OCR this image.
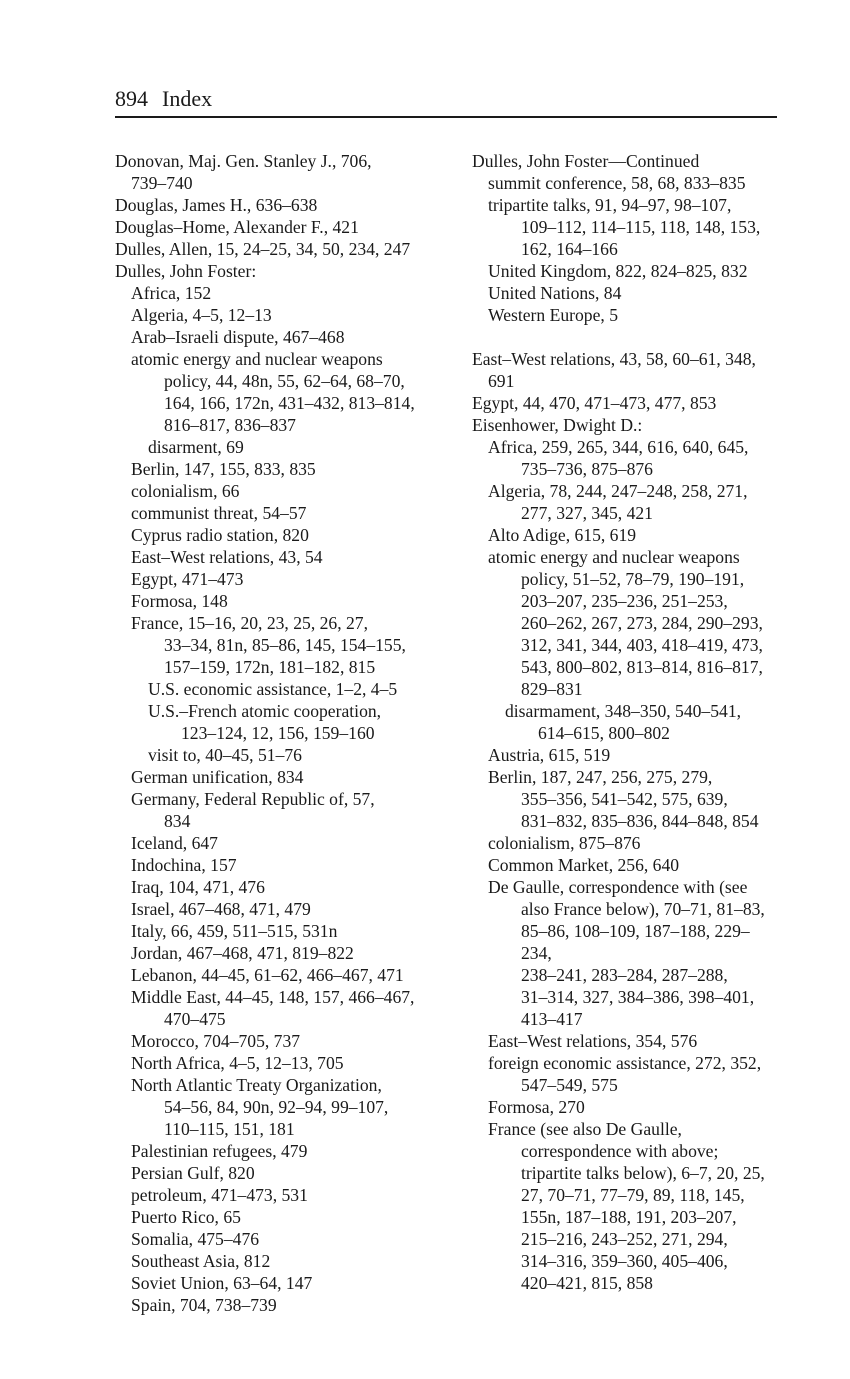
894 Index
Donovan, Maj. Gen. Stanley J., 706,
739–740
Douglas, James H., 636–638
Douglas–Home, Alexander F., 421
Dulles, Allen, 15, 24–25, 34, 50, 234, 247
Dulles, John Foster:
Africa, 152
Algeria, 4–5, 12–13
Arab–Israeli dispute, 467–468
atomic energy and nuclear weapons
policy, 44, 48n, 55, 62–64, 68–70,
164, 166, 172n, 431–432, 813–814,
816–817, 836–837
disarment, 69
Berlin, 147, 155, 833, 835
colonialism, 66
communist threat, 54–57
Cyprus radio station, 820
East–West relations, 43, 54
Egypt, 471–473
Formosa, 148
France, 15–16, 20, 23, 25, 26, 27,
33–34, 81n, 85–86, 145, 154–155,
157–159, 172n, 181–182, 815
U.S. economic assistance, 1–2, 4–5
U.S.–French atomic cooperation,
123–124, 12, 156, 159–160
visit to, 40–45, 51–76
German unification, 834
Germany, Federal Republic of, 57,
834
Iceland, 647
Indochina, 157
Iraq, 104, 471, 476
Israel, 467–468, 471, 479
Italy, 66, 459, 511–515, 531n
Jordan, 467–468, 471, 819–822
Lebanon, 44–45, 61–62, 466–467, 471
Middle East, 44–45, 148, 157, 466–467,
470–475
Morocco, 704–705, 737
North Africa, 4–5, 12–13, 705
North Atlantic Treaty Organization,
54–56, 84, 90n, 92–94, 99–107,
110–115, 151, 181
Palestinian refugees, 479
Persian Gulf, 820
petroleum, 471–473, 531
Puerto Rico, 65
Somalia, 475–476
Southeast Asia, 812
Soviet Union, 63–64, 147
Spain, 704, 738–739
Dulles, John Foster—Continued
summit conference, 58, 68, 833–835
tripartite talks, 91, 94–97, 98–107,
109–112, 114–115, 118, 148, 153,
162, 164–166
United Kingdom, 822, 824–825, 832
United Nations, 84
Western Europe, 5
East–West relations, 43, 58, 60–61, 348,
691
Egypt, 44, 470, 471–473, 477, 853
Eisenhower, Dwight D.:
Africa, 259, 265, 344, 616, 640, 645,
735–736, 875–876
Algeria, 78, 244, 247–248, 258, 271,
277, 327, 345, 421
Alto Adige, 615, 619
atomic energy and nuclear weapons
policy, 51–52, 78–79, 190–191,
203–207, 235–236, 251–253,
260–262, 267, 273, 284, 290–293,
312, 341, 344, 403, 418–419, 473,
543, 800–802, 813–814, 816–817,
829–831
disarmament, 348–350, 540–541,
614–615, 800–802
Austria, 615, 519
Berlin, 187, 247, 256, 275, 279,
355–356, 541–542, 575, 639,
831–832, 835–836, 844–848, 854
colonialism, 875–876
Common Market, 256, 640
De Gaulle, correspondence with (see
also France below), 70–71, 81–83,
85–86, 108–109, 187–188, 229–234,
238–241, 283–284, 287–288,
31–314, 327, 384–386, 398–401,
413–417
East–West relations, 354, 576
foreign economic assistance, 272, 352,
547–549, 575
Formosa, 270
France (see also De Gaulle,
correspondence with above;
tripartite talks below), 6–7, 20, 25,
27, 70–71, 77–79, 89, 118, 145,
155n, 187–188, 191, 203–207,
215–216, 243–252, 271, 294,
314–316, 359–360, 405–406,
420–421, 815, 858
